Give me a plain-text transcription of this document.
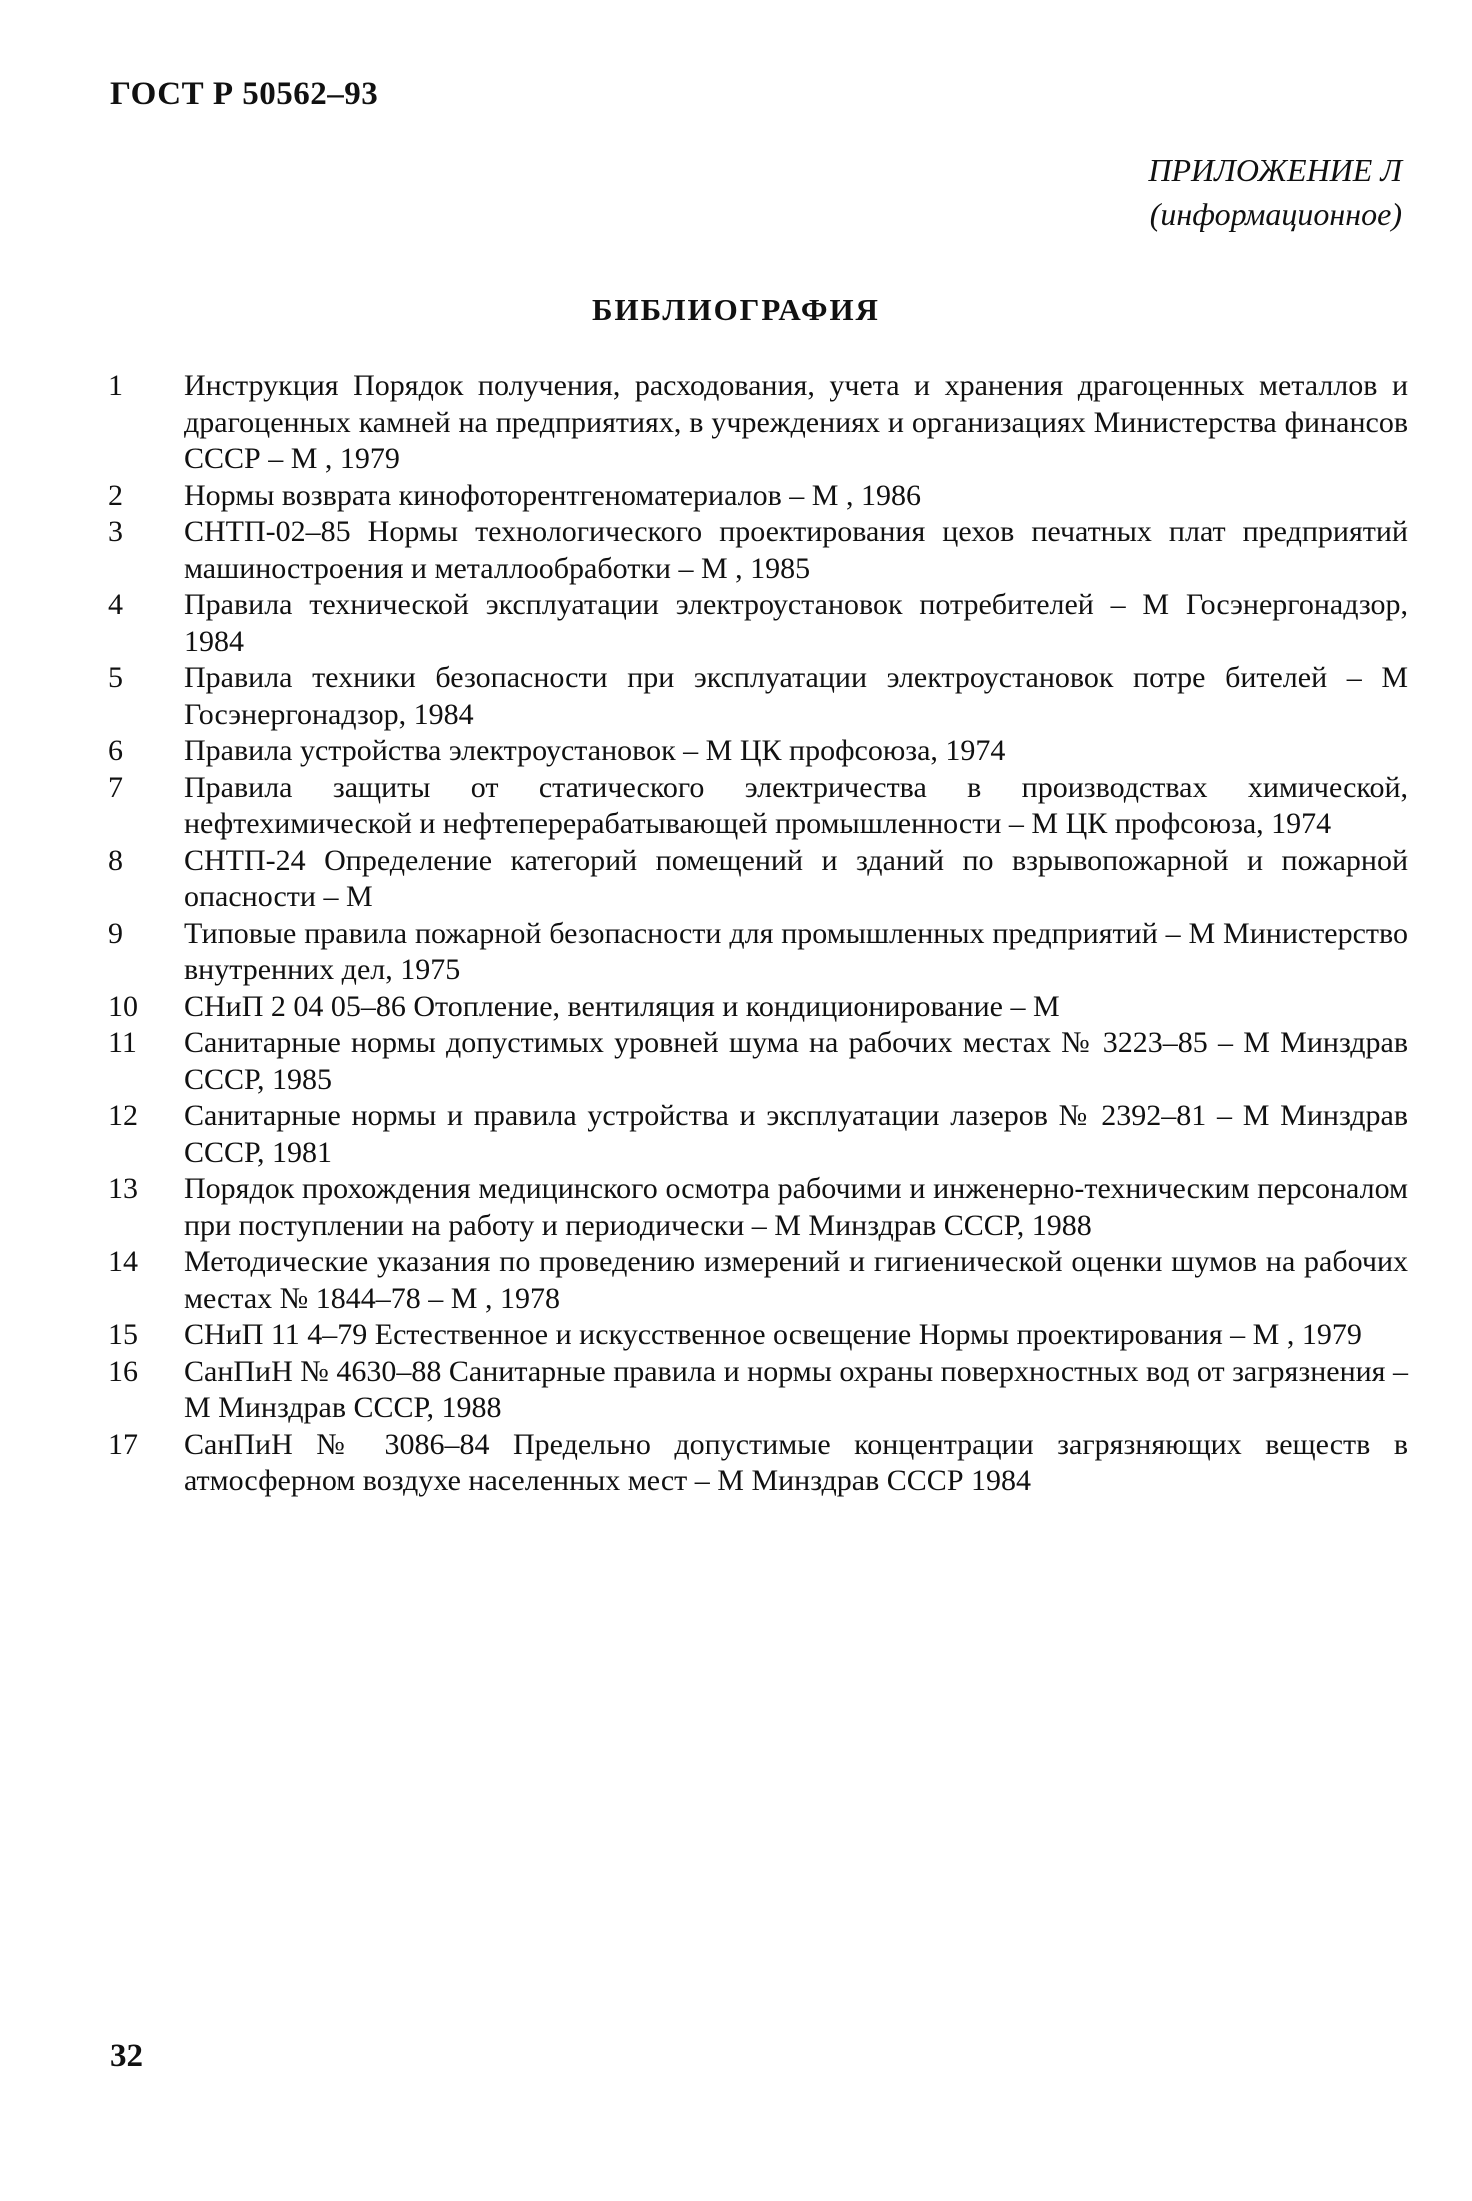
ГОСТ Р 50562–93
ПРИЛОЖЕНИЕ Л
(информационное)
БИБЛИОГРАФИЯ
1	Инструкция Порядок получения, расходования, учета и хранения драгоценных металлов и драгоценных камней на предприятиях, в учреждениях и организациях Министерства финансов СССР – М , 1979
2	Нормы возврата кинофоторентгеноматериалов – М , 1986
3	СНТП-02–85 Нормы технологического проектирования цехов печатных плат предприятий машиностроения и металлообработки – М , 1985
4	Правила технической эксплуатации электроустановок потребителей – М Госэнергонадзор, 1984
5	Правила техники безопасности при эксплуатации электроустановок потре бителей – М Госэнергонадзор, 1984
6	Правила устройства электроустановок – М ЦК профсоюза, 1974
7	Правила защиты от статического электричества в производствах химической, нефтехимической и нефтеперерабатывающей промышленности – М ЦК профсоюза, 1974
8	СНТП-24 Определение категорий помещений и зданий по взрывопожарной и пожарной опасности – М
9	Типовые правила пожарной безопасности для промышленных предприятий – М Министерство внутренних дел, 1975
10	СНиП 2 04 05–86 Отопление, вентиляция и кондиционирование – М
11	Санитарные нормы допустимых уровней шума на рабочих местах № 3223–85 – М Минздрав СССР, 1985
12	Санитарные нормы и правила устройства и эксплуатации лазеров № 2392–81 – М Минздрав СССР, 1981
13	Порядок прохождения медицинского осмотра рабочими и инженерно-техническим персоналом при поступлении на работу и периодически – М Минздрав СССР, 1988
14	Методические указания по проведению измерений и гигиенической оценки шумов на рабочих местах № 1844–78 – М , 1978
15	СНиП 11 4–79 Естественное и искусственное освещение Нормы проектирования – М , 1979
16	СанПиН № 4630–88 Санитарные правила и нормы охраны поверхностных вод от загрязнения – М Минздрав СССР, 1988
17	СанПиН № 3086–84 Предельно допустимые концентрации загрязняющих веществ в атмосферном воздухе населенных мест – М Минздрав СССР 1984
32
